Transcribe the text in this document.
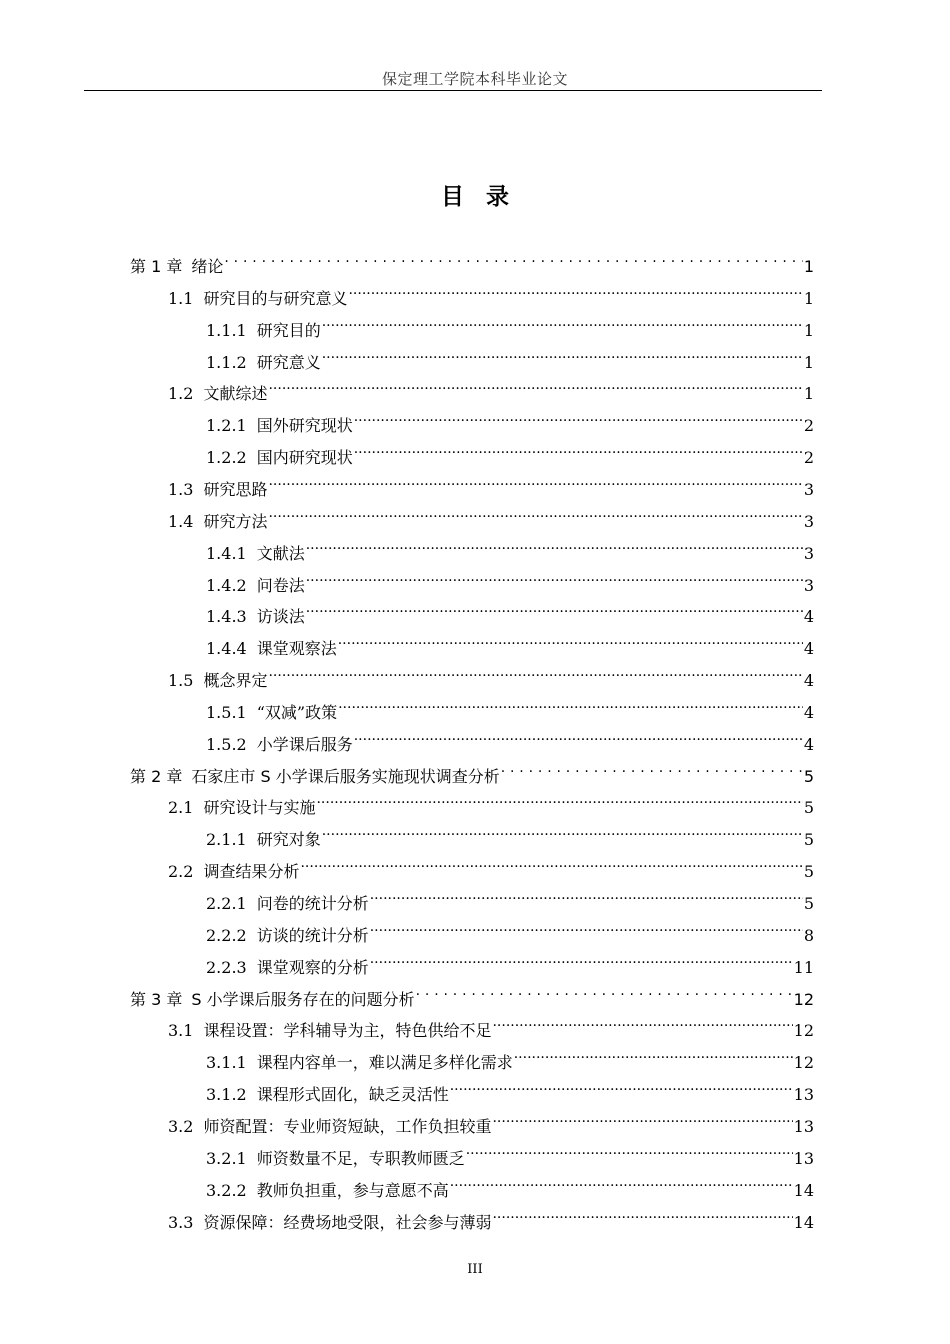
保定理工学院本科毕业论文
目录
第 1 章 绪论 . . .	1
1.1 研究目的与研究意义 .....	1
1.1.1 研究目的 .....	1
1.1.2 研究意义 .....	1
1.2 文献综述 .....	1
1.2.1 国外研究现状 .....	2
1.2.2 国内研究现状 .....	2
1.3 研究思路 .....	3
1.4 研究方法 .....	3
1.4.1 文献法 .....	3
1.4.2 问卷法 .....	3
1.4.3 访谈法 .....	4
1.4.4 课堂观察法 .....	4
1.5 概念界定 .....	4
1.5.1 “双减”政策 .....	4
1.5.2 小学课后服务 .....	4
第 2 章 石家庄市 S 小学课后服务实施现状调查分析 . . .	5
2.1 研究设计与实施 .....	5
2.1.1 研究对象 .....	5
2.2 调查结果分析 .....	5
2.2.1 问卷的统计分析 .....	5
2.2.2 访谈的统计分析 .....	8
2.2.3 课堂观察的分析 .....	11
第 3 章 S 小学课后服务存在的问题分析 . . .	12
3.1 课程设置：学科辅导为主，特色供给不足 .....	12
3.1.1 课程内容单一，难以满足多样化需求 .....	12
3.1.2 课程形式固化，缺乏灵活性 .....	13
3.2 师资配置：专业师资短缺，工作负担较重 .....	13
3.2.1 师资数量不足，专职教师匮乏 .....	13
3.2.2 教师负担重，参与意愿不高 .....	14
3.3 资源保障：经费场地受限，社会参与薄弱 .....	14
III
